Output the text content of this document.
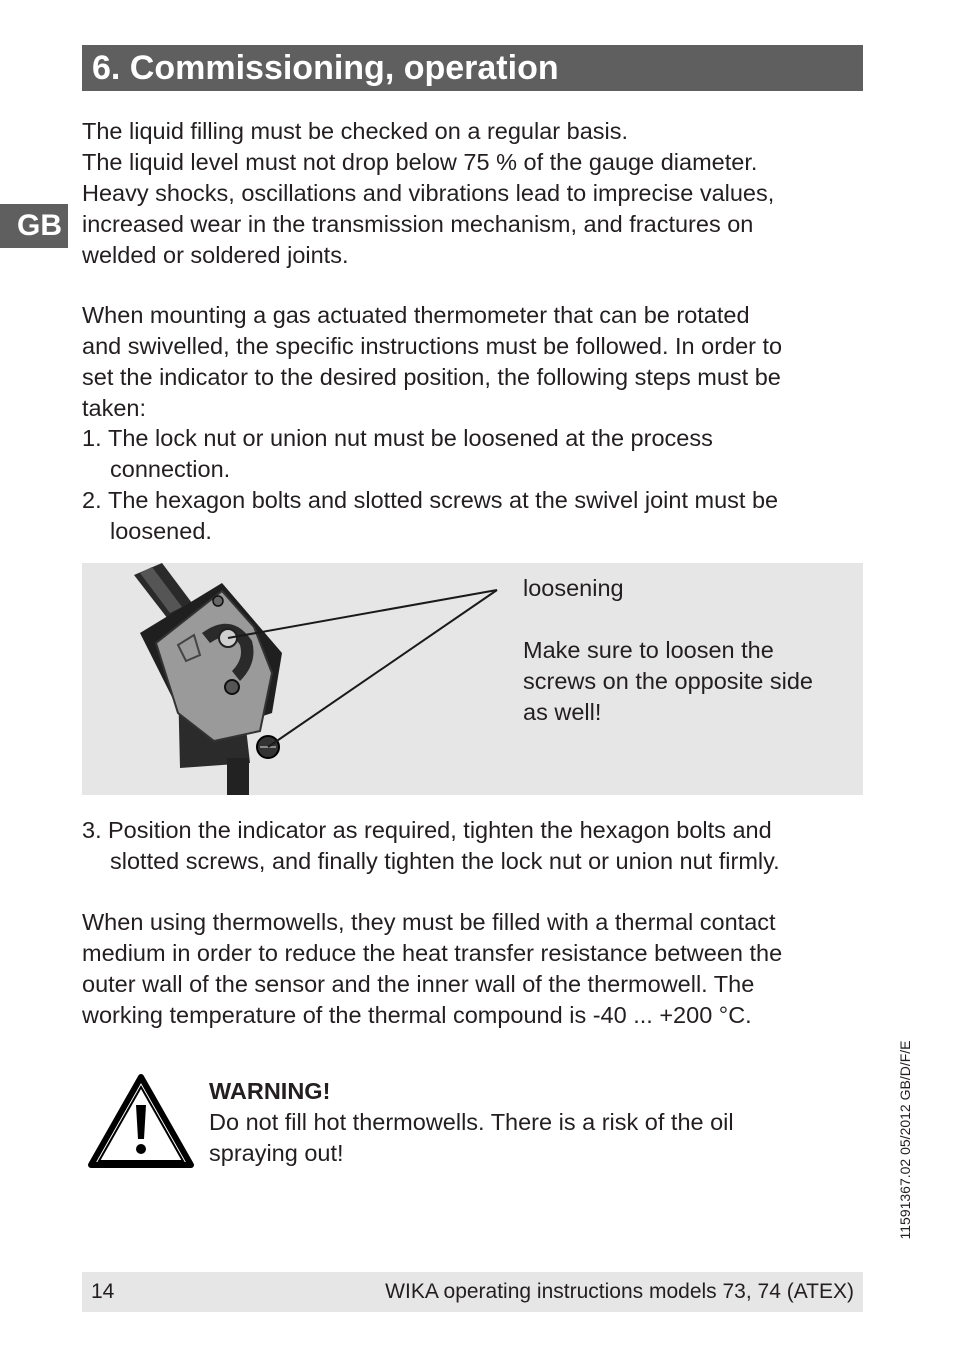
6. Commissioning, operation
GB
The liquid filling must be checked on a regular basis.
The liquid level must not drop below 75 % of the gauge diameter.
Heavy shocks, oscillations and vibrations lead to imprecise values,
increased wear in the transmission mechanism, and fractures on
welded or soldered joints.
When mounting a gas actuated thermometer that can be rotated
and swivelled, the specific instructions must be followed. In order to
set the indicator to the desired position, the following steps must be
taken:
1. The lock nut or union nut must be loosened at the process
connection.
2. The hexagon bolts and slotted screws at the swivel joint must be
loosened.
loosening
Make sure to loosen the
screws on the opposite side
as well!
3. Position the indicator as required, tighten the hexagon bolts and
slotted screws, and finally tighten the lock nut or union nut firmly.
When using thermowells, they must be filled with a thermal contact
medium in order to reduce the heat transfer resistance between the
outer wall of the sensor and the inner wall of the thermowell. The
working temperature of the thermal compound is -40 ... +200 °C.
WARNING!
Do not fill hot thermowells. There is a risk of the oil
spraying out!	11591367.02 05/2012 GB/D/F/E
14	WIKA operating instructions models 73, 74 (ATEX)
